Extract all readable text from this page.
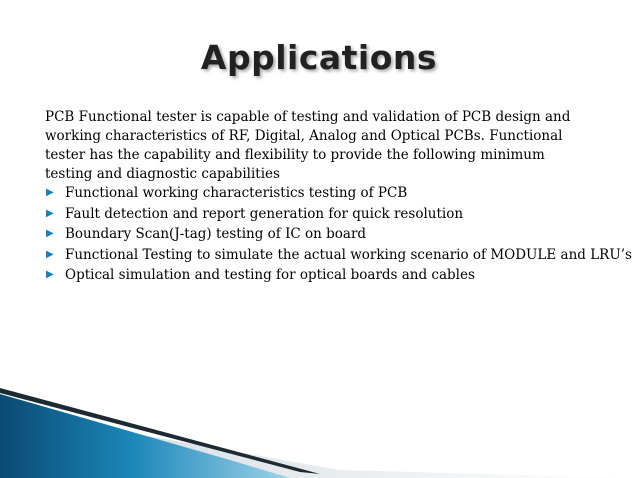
Applications

PCB Functional tester is capable of testing and validation of PCB design and working characteristics of RF, Digital, Analog and Optical PCBs. Functional tester has the capability and flexibility to provide the following minimum testing and diagnostic capabilities

▶ Functional working characteristics testing of PCB
▶ Fault detection and report generation for quick resolution
▶ Boundary Scan(J-tag) testing of IC on board
▶ Functional Testing to simulate the actual working scenario of MODULE and LRU’s
▶ Optical simulation and testing for optical boards and cables
